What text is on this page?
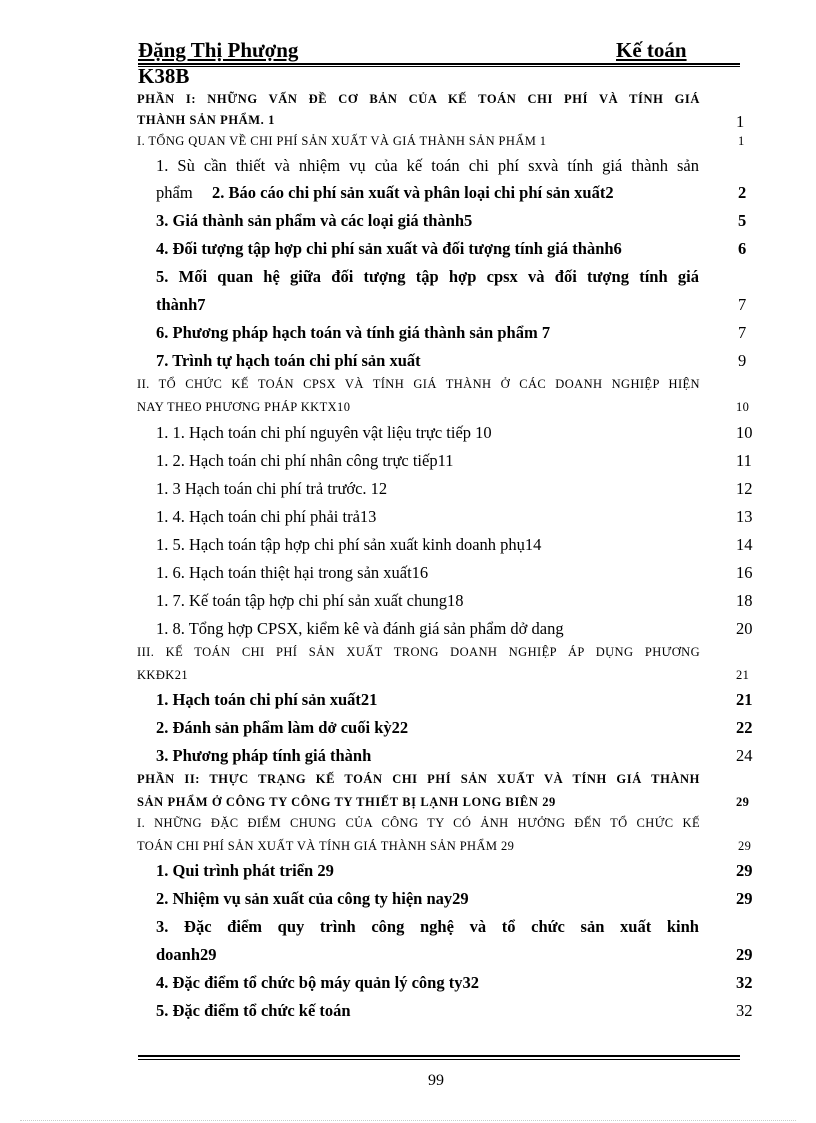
Đặng Thị Phượng	Kế toán
K38B
PHẦN I: NHỮNG VẤN ĐỀ CƠ BẢN CỦA KẾ TOÁN CHI PHÍ VÀ TÍNH GIÁ
THÀNH SẢN PHẨM. 1	1
I. TỔNG QUAN VỀ CHI PHÍ SẢN XUẤT VÀ GIÁ THÀNH SẢN PHẨM 1	1
1. Sù cần thiết và nhiệm vụ của kế toán chi phí sxvà tính giá thành sản
phẩm 2. Báo cáo chi phí sản xuất và phân loại chi phí sản xuất2	2
3. Giá thành sản phẩm và các loại giá thành5	5
4. Đối tượng tập hợp chi phí sản xuất và đối tượng tính giá thành6	6
5. Mối quan hệ giữa đối tượng tập hợp cpsx và đối tượng tính giá
thành7	7
6. Phương pháp hạch toán và tính giá thành sản phẩm 7	7
7. Trình tự hạch toán chi phí sản xuất	9
II. TỔ CHỨC KẾ TOÁN CPSX VÀ TÍNH GIÁ THÀNH Ở CÁC DOANH NGHIỆP HIỆN
NAY THEO PHƯƠNG PHÁP KKTX10	10
1. 1. Hạch toán chi phí nguyên vật liệu trực tiếp 10	10
1. 2. Hạch toán chi phí nhân công trực tiếp11	11
1. 3 Hạch toán chi phí trả trước. 12	12
1. 4. Hạch toán chi phí phải trả13	13
1. 5. Hạch toán tập hợp chi phí sản xuất kinh doanh phụ14	14
1. 6. Hạch toán thiệt hại trong sản xuất16	16
1. 7. Kế toán tập hợp chi phí sản xuất chung18	18
1. 8. Tổng hợp CPSX, kiểm kê và đánh giá sản phẩm dở dang	20
III. KẾ TOÁN CHI PHÍ SẢN XUẤT TRONG DOANH NGHIỆP ÁP DỤNG PHƯƠNG
KKĐK21	21
1. Hạch toán chi phí sản xuất21	21
2. Đánh sản phẩm làm dở cuối kỳ22	22
3. Phương pháp tính giá thành	24
PHẦN II: THỰC TRẠNG KẾ TOÁN CHI PHÍ SẢN XUẤT VÀ TÍNH GIÁ THÀNH
SẢN PHẨM Ở CÔNG TY CÔNG TY THIẾT BỊ LẠNH LONG BIÊN 29	29
I. NHỮNG ĐẶC ĐIỂM CHUNG CỦA CÔNG TY CÓ ẢNH HƯỞNG ĐẾN TỔ CHỨC KẾ
TOÁN CHI PHÍ SẢN XUẤT VÀ TÍNH GIÁ THÀNH SẢN PHẨM 29	29
1. Qui trình phát triển 29	29
2. Nhiệm vụ sản xuất của công ty hiện nay29	29
3. Đặc điểm quy trình công nghệ và tổ chức sản xuất kinh
doanh29	29
4. Đặc điểm tổ chức bộ máy quản lý công ty32	32
5. Đặc điểm tổ chức kế toán	32
99
